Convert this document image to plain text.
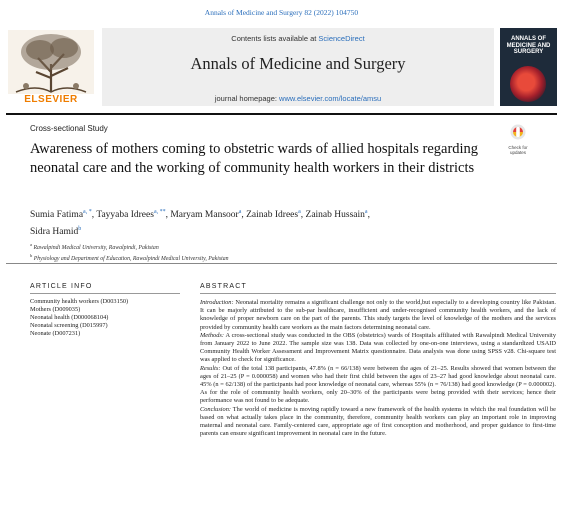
Annals of Medicine and Surgery 82 (2022) 104750
ELSEVIER
Contents lists available at ScienceDirect
Annals of Medicine and Surgery
journal homepage: www.elsevier.com/locate/amsu
ANNALS OF MEDICINE AND SURGERY
Cross-sectional Study
Check for updates
Awareness of mothers coming to obstetric wards of allied hospitals regarding neonatal care and the working of community health workers in their districts
Sumia Fatima$^{a, *}$, Tayyaba Idrees$^{a, **}$, Maryam Mansoor$^a$, Zainab Idrees$^a$, Zainab Hussain$^a$,
Sidra Hamid$^b$
$^a$ Rawalpindi Medical University, Rawalpindi, Pakistan
$^b$ Physiology and Department of Education, Rawalpindi Medical University, Pakistan
ARTICLE INFO	ABSTRACT
Community health workers (D003150)
Mothers (D009035)
Neonatal health (D000068104)
Neonatal screening (D015997)
Neonate (D007231)

Introduction: Neonatal mortality remains a significant challenge not only to the world,but especially to a developing country like Pakistan. It can be majorly attributed to the sub-par healthcare, insufficient and under-recognised community health workers, and the lack of knowledge of proper newborn care on the part of the parents. This study targets the level of knowledge of the mothers and the services provided by community health care workers as the main factors determining neonatal care.

Methods: A cross-sectional study was conducted in the OBS (obstetrics) wards of Hospitals affiliated with Rawalpindi Medical University from January 2022 to June 2022. The sample size was 138. Data was collected by one-on-one interviews, using a standardized USAID Community Health Worker Assessment and Improvement Matrix questionnaire. Data analysis was done using SPSS v28. Chi-square test was applied to check for significance.

Results: Out of the total 138 participants, 47.8% (n = 66/138) were between the ages of 21–25. Results showed that women between the ages of 21–25 (P = 0.000058) and women who had their first child between the ages of 23–27 had good knowledge about neonatal care. 45% (n = 62/138) of the participants had poor knowledge of neonatal care, whereas 55% (n = 76/138) had good knowledge (P = 0.000002). As for the role of community health workers, only 20–30% of the participants were being provided with their services; hence their performance was not found to be adequate.

Conclusion: The world of medicine is moving rapidly toward a new framework of the health systems in which the real foundation will be based on what actually takes place in the community, therefore, community health workers can play an important role in improving maternal and neonatal care. Family-centered care, appropriate age of first conception and motherhood, and proper guidance to first-time parents can ensure significant improvement in neonatal care in the future.
